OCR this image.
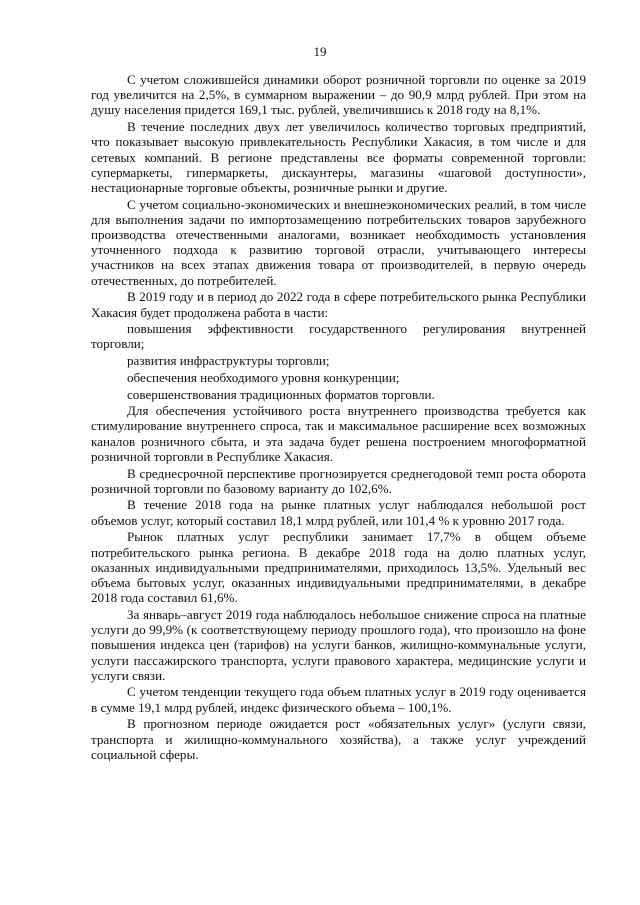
19

С учетом сложившейся динамики оборот розничной торговли по оценке за 2019 год увеличится на 2,5%, в суммарном выражении – до 90,9 млрд рублей. При этом на душу населения придется 169,1 тыс. рублей, увеличившись к 2018 году на 8,1%.

В течение последних двух лет увеличилось количество торговых предприятий, что показывает высокую привлекательность Республики Хакасия, в том числе и для сетевых компаний. В регионе представлены все форматы современной торговли: супермаркеты, гипермаркеты, дискаунтеры, магазины «шаговой доступности», нестационарные торговые объекты, розничные рынки и другие.

С учетом социально-экономических и внешнеэкономических реалий, в том числе для выполнения задачи по импортозамещению потребительских товаров зарубежного производства отечественными аналогами, возникает необходимость установления уточненного подхода к развитию торговой отрасли, учитывающего интересы участников на всех этапах движения товара от производителей, в первую очередь отечественных, до потребителей.

В 2019 году и в период до 2022 года в сфере потребительского рынка Республики Хакасия будет продолжена работа в части:

повышения эффективности государственного регулирования внутренней торговли;

развития инфраструктуры торговли;

обеспечения необходимого уровня конкуренции;

совершенствования традиционных форматов торговли.

Для обеспечения устойчивого роста внутреннего производства требуется как стимулирование внутреннего спроса, так и максимальное расширение всех возможных каналов розничного сбыта, и эта задача будет решена построением многоформатной розничной торговли в Республике Хакасия.

В среднесрочной перспективе прогнозируется среднегодовой темп роста оборота розничной торговли по базовому варианту до 102,6%.

В течение 2018 года на рынке платных услуг наблюдался небольшой рост объемов услуг, который составил 18,1 млрд рублей, или 101,4 % к уровню 2017 года.

Рынок платных услуг республики занимает 17,7% в общем объеме потребительского рынка региона. В декабре 2018 года на долю платных услуг, оказанных индивидуальными предпринимателями, приходилось 13,5%. Удельный вес объема бытовых услуг, оказанных индивидуальными предпринимателями, в декабре 2018 года составил 61,6%.

За январь–август 2019 года наблюдалось небольшое снижение спроса на платные услуги до 99,9% (к соответствующему периоду прошлого года), что произошло на фоне повышения индекса цен (тарифов) на услуги банков, жилищно-коммунальные услуги, услуги пассажирского транспорта, услуги правового характера, медицинские услуги и услуги связи.

С учетом тенденции текущего года объем платных услуг в 2019 году оценивается в сумме 19,1 млрд рублей, индекс физического объема – 100,1%.

В прогнозном периоде ожидается рост «обязательных услуг» (услуги связи, транспорта и жилищно-коммунального хозяйства), а также услуг учреждений социальной сферы.
